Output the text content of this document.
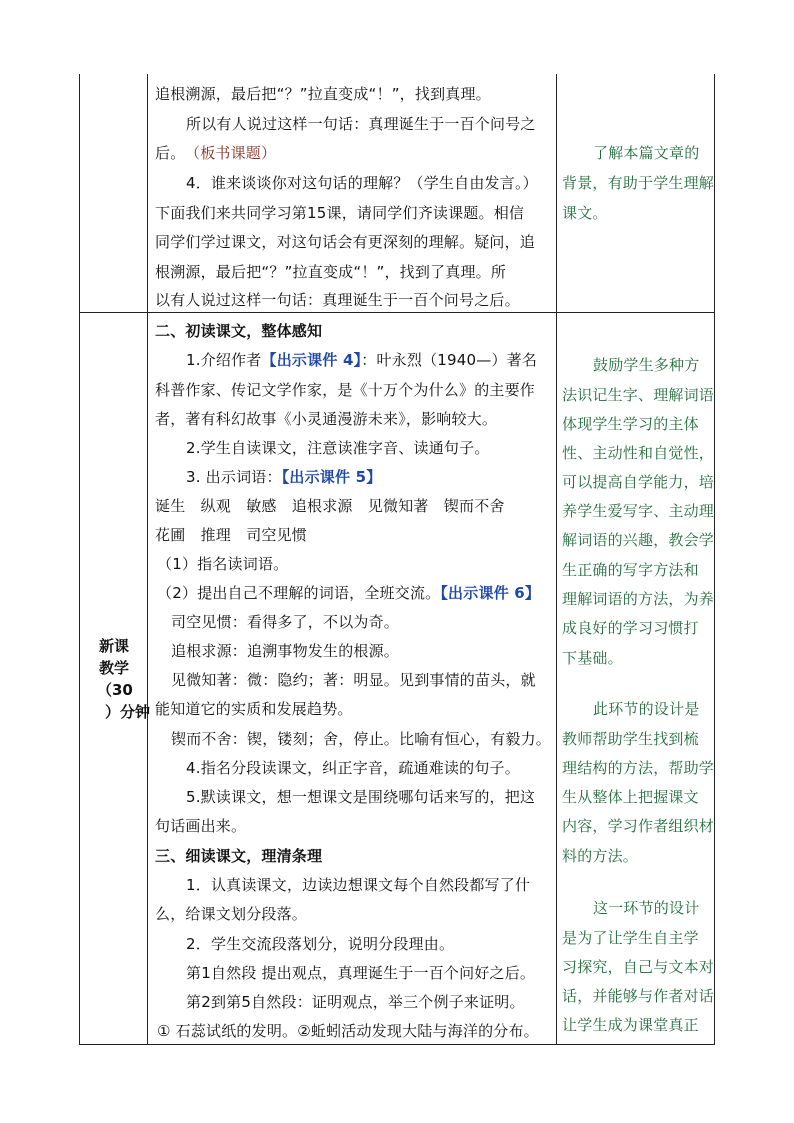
新课
教学
（30
）分钟
追根溯源，最后把“？”拉直变成“！”，找到真理。
所以有人说过这样一句话：真理诞生于一百个问号之
后。 （板书课题）
4．谁来谈谈你对这句话的理解？（学生自由发言。）
下面我们来共同学习第15课，请同学们齐读课题。相信
同学们学过课文，对这句话会有更深刻的理解。疑问，追
根溯源，最后把“？”拉直变成“！”，找到了真理。所
以有人说过这样一句话：真理诞生于一百个问号之后。
二、初读课文，整体感知
1.介绍作者【出示课件 4】：叶永烈（1940—）著名
科普作家、传记文学作家，是《十万个为什么》的主要作
者，著有科幻故事《小灵通漫游未来》，影响较大。
2.学生自读课文，注意读准字音、读通句子。
3. 出示词语：【出示课件 5】
诞生　纵观　敏感　追根求源　见微知著　锲而不舍
花圃　推理　司空见惯
（1）指名读词语。
（2）提出自己不理解的词语，全班交流。【出示课件 6】
司空见惯：看得多了，不以为奇。
追根求源：追溯事物发生的根源。
见微知著：微：隐约；著：明显。见到事情的苗头，就
能知道它的实质和发展趋势。
锲而不舍：锲，镂刻；舍，停止。比喻有恒心，有毅力。
4.指名分段读课文，纠正字音，疏通难读的句子。
5.默读课文，想一想课文是围绕哪句话来写的，把这
句话画出来。
三、细读课文，理清条理
1．认真读课文，边读边想课文每个自然段都写了什
么，给课文划分段落。
2．学生交流段落划分，说明分段理由。
第1自然段 提出观点，真理诞生于一百个问好之后。
第2到第5自然段：证明观点，举三个例子来证明。
① 石蕊试纸的发明。②蚯蚓活动发现大陆与海洋的分布。
了解本篇文章的
背景，有助于学生理解
课文。
鼓励学生多种方
法识记生字、理解词语
体现学生学习的主体
性、主动性和自觉性，
可以提高自学能力，培
养学生爱写字、主动理
解词语的兴趣，教会学
生正确的写字方法和
理解词语的方法，为养
成良好的学习习惯打
下基础。
此环节的设计是
教师帮助学生找到梳
理结构的方法，帮助学
生从整体上把握课文
内容，学习作者组织材
料的方法。
这一环节的设计
是为了让学生自主学
习探究，自己与文本对
话，并能够与作者对话
让学生成为课堂真正
